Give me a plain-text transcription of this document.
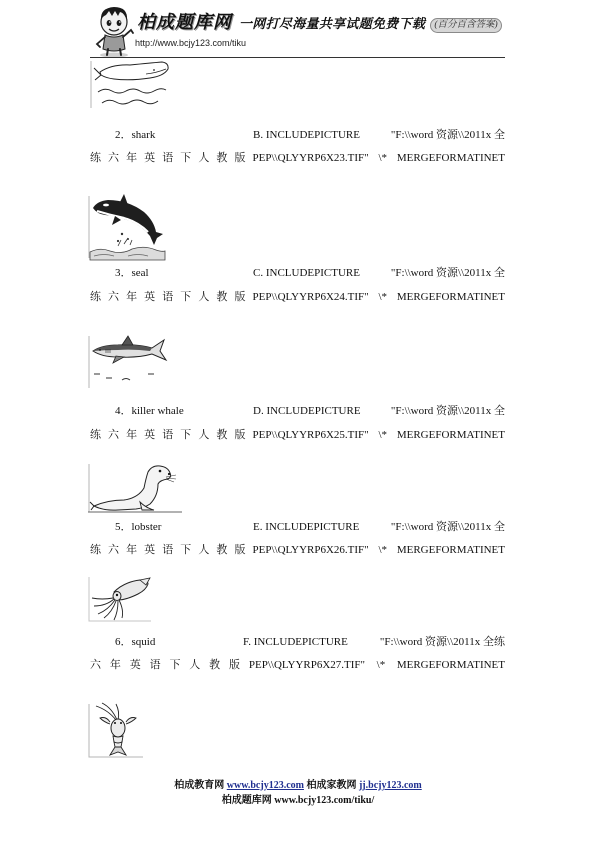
柏成题库网 一网打尽海量共享试题免费下载 (百分百含答案)
http://www.bcjy123.com/tiku
2．shark	B. INCLUDEPICTURE	"F:\\word 资源\\2011x 全
练六年英语下人教版PEP\\QLYYRP6X23.TIF" \* MERGEFORMATINET
3．seal	C. INCLUDEPICTURE	"F:\\word 资源\\2011x 全
练六年英语下人教版PEP\\QLYYRP6X24.TIF" \* MERGEFORMATINET
4．killer whale	D. INCLUDEPICTURE	"F:\\word 资源\\2011x 全
练六年英语下人教版PEP\\QLYYRP6X25.TIF" \* MERGEFORMATINET
5．lobster	E. INCLUDEPICTURE	"F:\\word 资源\\2011x 全
练六年英语下人教版PEP\\QLYYRP6X26.TIF" \* MERGEFORMATINET
6．squid	F. INCLUDEPICTURE	"F:\\word 资源\\2011x 全练
六年英语下人教版PEP\\QLYYRP6X27.TIF" \* MERGEFORMATINET
柏成教育网 www.bcjy123.com 柏成家教网 jj.bcjy123.com
柏成题库网 www.bcjy123.com/tiku/
